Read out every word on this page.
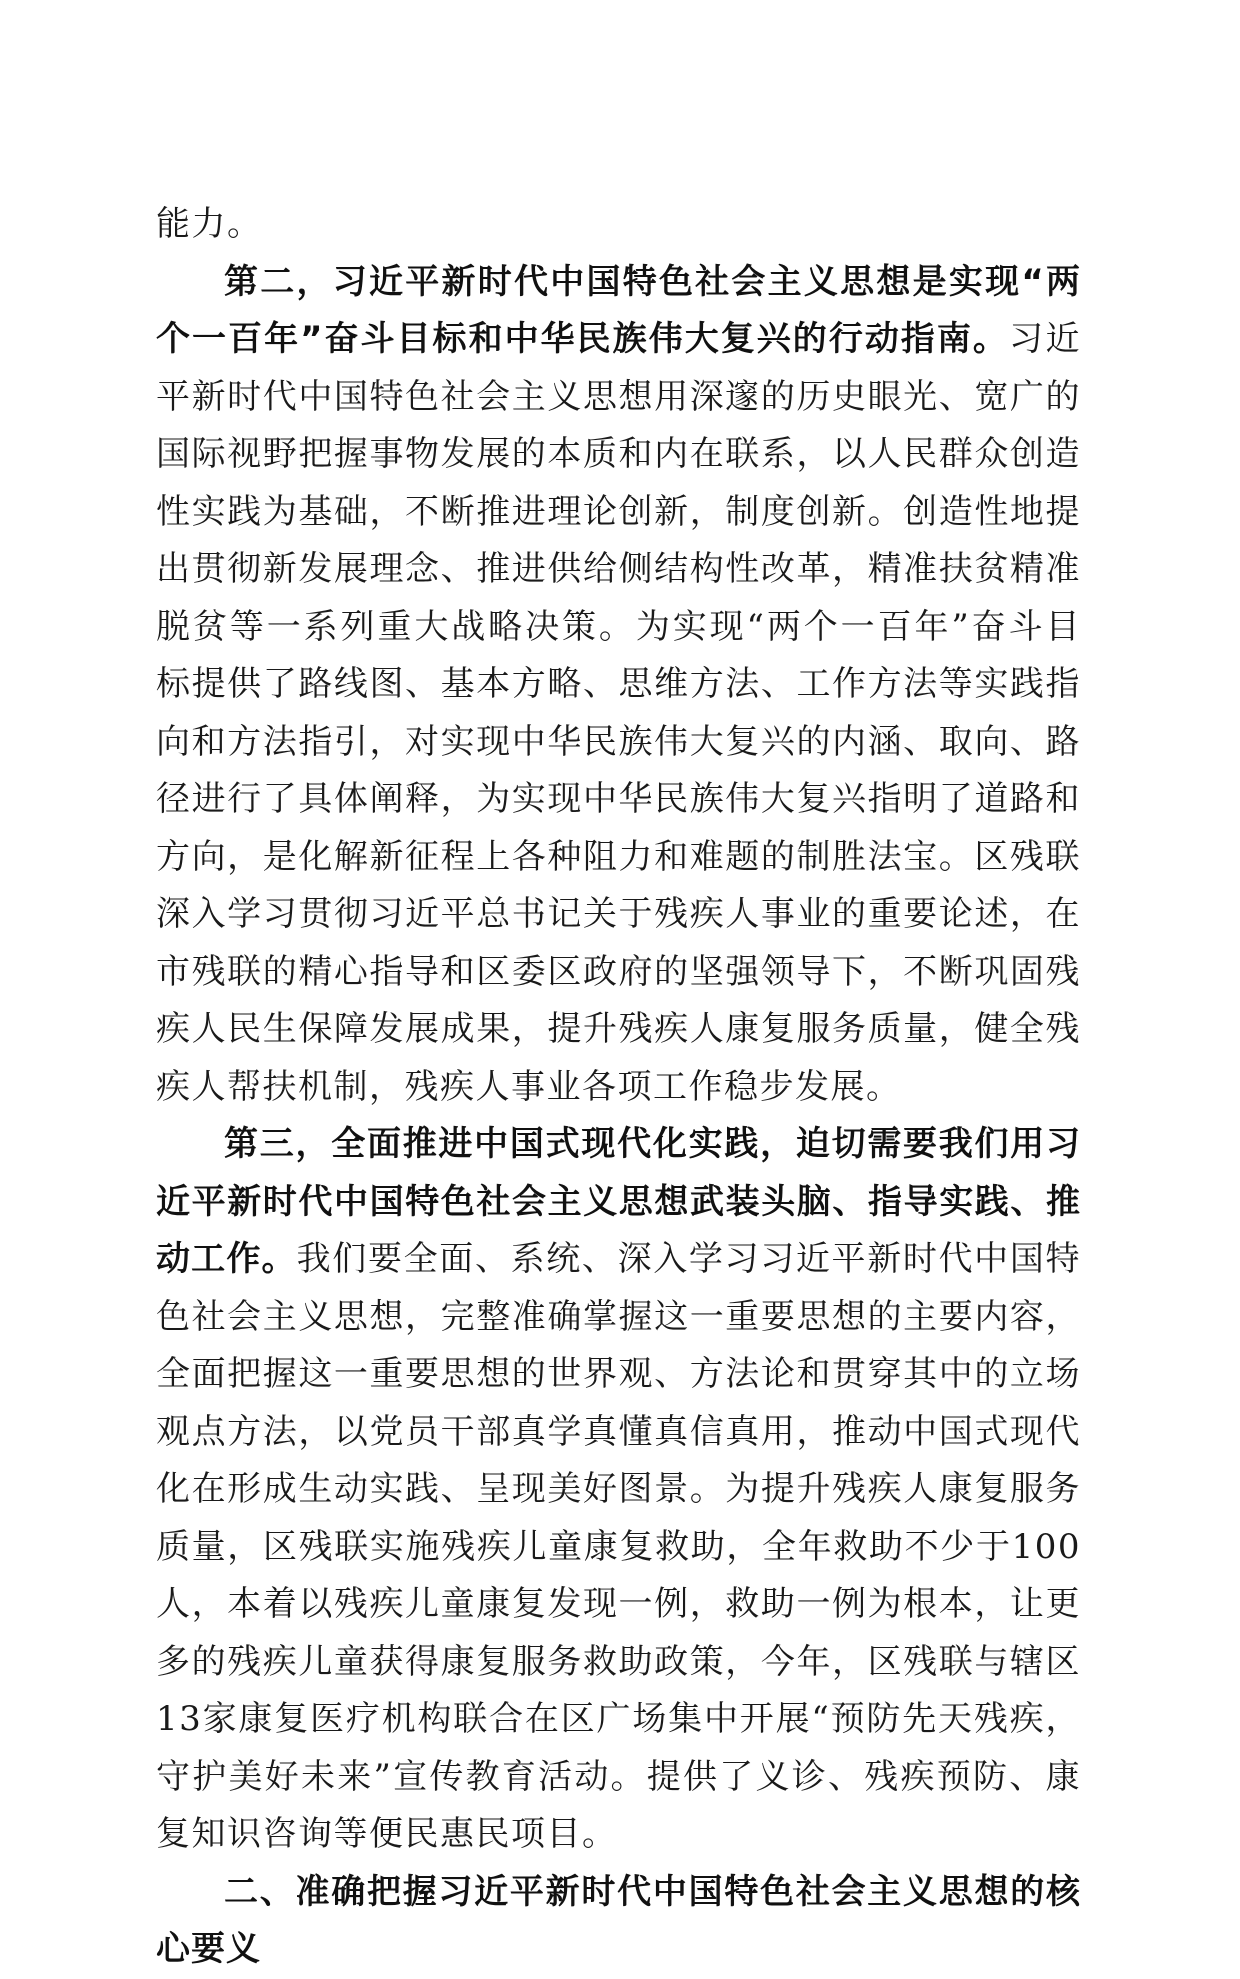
能力。

第二，习近平新时代中国特色社会主义思想是实现“两个一百年”奋斗目标和中华民族伟大复兴的行动指南。习近平新时代中国特色社会主义思想用深邃的历史眼光、宽广的国际视野把握事物发展的本质和内在联系，以人民群众创造性实践为基础，不断推进理论创新，制度创新。创造性地提出贯彻新发展理念、推进供给侧结构性改革，精准扶贫精准脱贫等一系列重大战略决策。为实现“两个一百年”奋斗目标提供了路线图、基本方略、思维方法、工作方法等实践指向和方法指引，对实现中华民族伟大复兴的内涵、取向、路径进行了具体阐释，为实现中华民族伟大复兴指明了道路和方向，是化解新征程上各种阻力和难题的制胜法宝。区残联深入学习贯彻习近平总书记关于残疾人事业的重要论述，在市残联的精心指导和区委区政府的坚强领导下，不断巩固残疾人民生保障发展成果，提升残疾人康复服务质量，健全残疾人帮扶机制，残疾人事业各项工作稳步发展。

第三，全面推进中国式现代化实践，迫切需要我们用习近平新时代中国特色社会主义思想武装头脑、指导实践、推动工作。我们要全面、系统、深入学习习近平新时代中国特色社会主义思想，完整准确掌握这一重要思想的主要内容，全面把握这一重要思想的世界观、方法论和贯穿其中的立场观点方法，以党员干部真学真懂真信真用，推动中国式现代化在形成生动实践、呈现美好图景。为提升残疾人康复服务质量，区残联实施残疾儿童康复救助，全年救助不少于100人，本着以残疾儿童康复发现一例，救助一例为根本，让更多的残疾儿童获得康复服务救助政策，今年，区残联与辖区13家康复医疗机构联合在区广场集中开展“预防先天残疾，守护美好未来”宣传教育活动。提供了义诊、残疾预防、康复知识咨询等便民惠民项目。

二、准确把握习近平新时代中国特色社会主义思想的核心要义
